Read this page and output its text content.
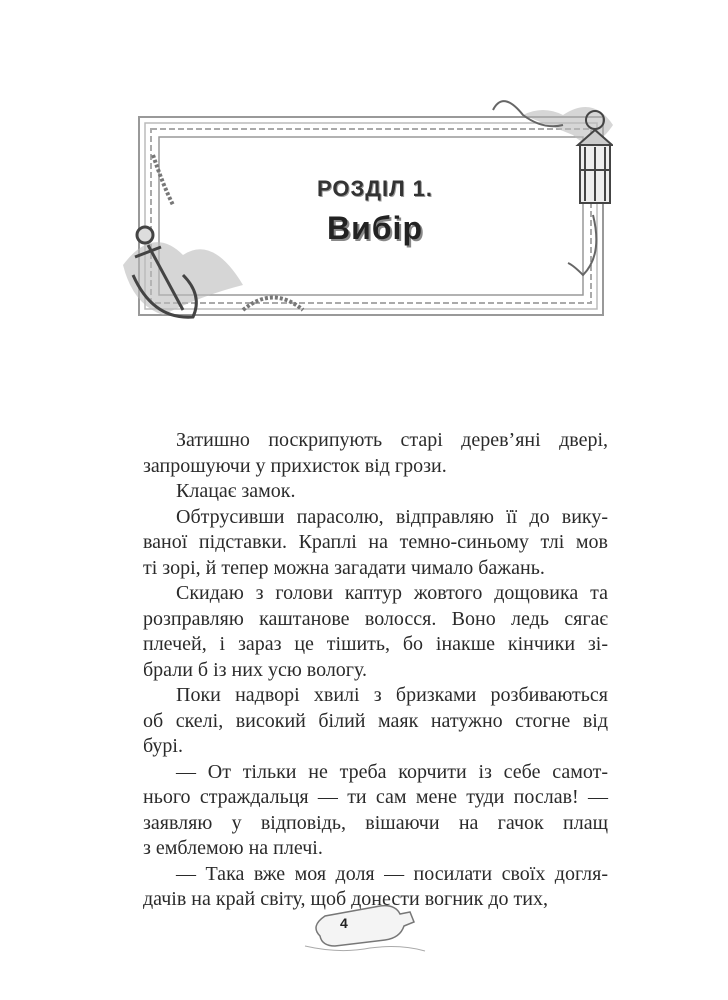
РОЗДІЛ 1.
Вибір
Затишно поскрипують старі дерев’яні двері,
запрошуючи у прихисток від грози.
Клацає замок.
Обтрусивши парасолю, відправляю її до вику-
ваної підставки. Краплі на темно-синьому тлі мов
ті зорі, й тепер можна загадати чимало бажань.
Скидаю з голови каптур жовтого дощовика та
розправляю каштанове волосся. Воно ледь сягає
плечей, і зараз це тішить, бо інакше кінчики зі-
брали б із них усю вологу.
Поки надворі хвилі з бризками розбиваються
об скелі, високий білий маяк натужно стогне від
бурі.
— От тільки не треба корчити із себе самот-
нього страждальця — ти сам мене туди послав! —
заявляю у відповідь, вішаючи на гачок плащ
з емблемою на плечі.
— Така вже моя доля — посилати своїх догля-
дачів на край світу, щоб донести вогник до тих,
4
